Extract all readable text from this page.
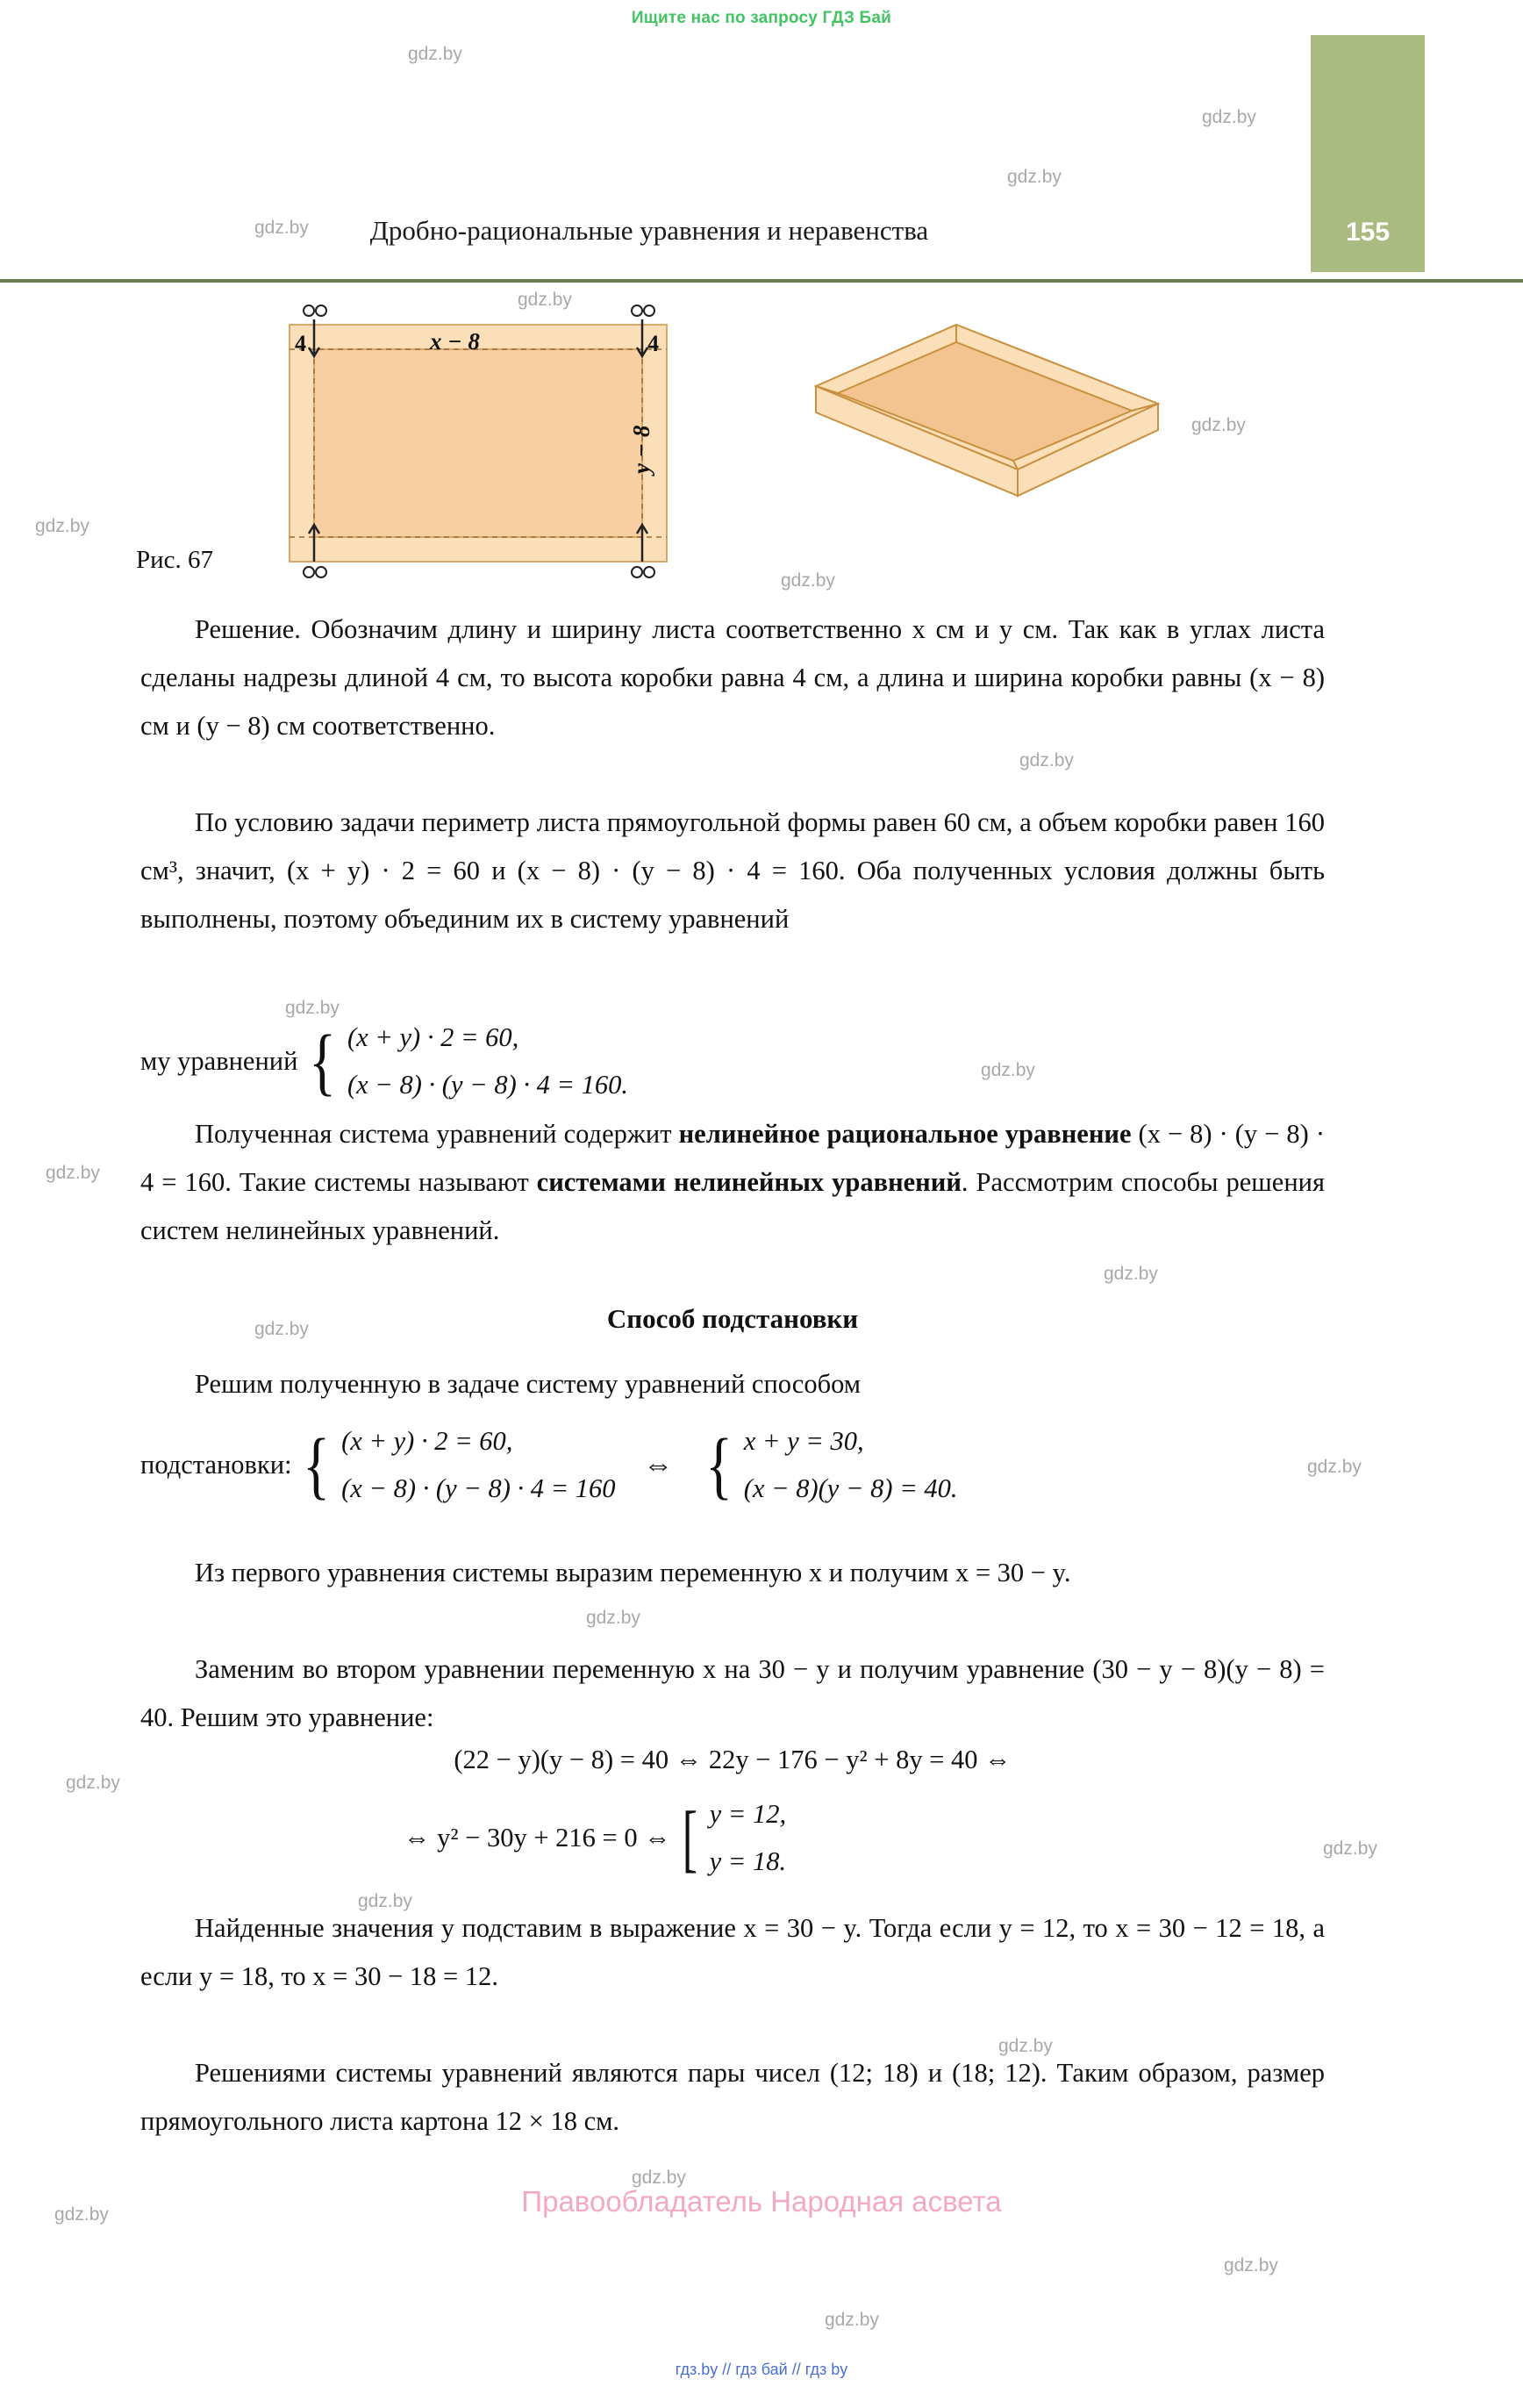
Ищите нас по запросу ГДЗ Бай
Дробно-рациональные уравнения и неравенства	155
4	4
x − 8
y − 8
Рис. 67
Решение. Обозначим длину и ширину листа соответственно x см и y см. Так как в углах листа сделаны надрезы длиной 4 см, то высота коробки равна 4 см, а длина и ширина коробки равны (x − 8) см и (y − 8) см соответственно.
По условию задачи периметр листа прямоугольной формы равен 60 см, а объем коробки равен 160 см³, значит, (x + y) · 2 = 60 и (x − 8) · (y − 8) · 4 = 160. Оба полученных условия должны быть выполнены, поэтому объединим их в систему уравнений
му уравнений { (x + y) · 2 = 60,
(x − 8) · (y − 8) · 4 = 160.
Полученная система уравнений содержит нелинейное рациональное уравнение (x − 8) · (y − 8) · 4 = 160. Такие системы называют системами нелинейных уравнений. Рассмотрим способы решения систем нелинейных уравнений.
Способ подстановки
Решим полученную в задаче систему уравнений способом
подстановки: { (x + y) · 2 = 60,
(x − 8) · (y − 8) · 4 = 160
⇔ { x + y = 30,
(x − 8)(y − 8) = 40.
Из первого уравнения системы выразим переменную x и получим x = 30 − y.
Заменим во втором уравнении переменную x на 30 − y и получим уравнение (30 − y − 8)(y − 8) = 40. Решим это уравнение:
(22 − y)(y − 8) = 40 ⇔ 22y − 176 − y² + 8y = 40 ⇔
⇔ y² − 30y + 216 = 0 ⇔ [ y = 12,
y = 18.
Найденные значения y подставим в выражение x = 30 − y. Тогда если y = 12, то x = 30 − 12 = 18, а если y = 18, то x = 30 − 18 = 12.
Решениями системы уравнений являются пары чисел (12; 18) и (18; 12). Таким образом, размер прямоугольного листа картона 12 × 18 см.
Правообладатель Народная асвета
гдз.by // гдз бай // гдз by
gdz.by
gdz.by
gdz.by
gdz.by
gdz.by
gdz.by
gdz.by
gdz.by
gdz.by
gdz.by
gdz.by
gdz.by
gdz.by
gdz.by
gdz.by
gdz.by
gdz.by
gdz.by
gdz.by
gdz.by
gdz.by
gdz.by
gdz.by
gdz.by
